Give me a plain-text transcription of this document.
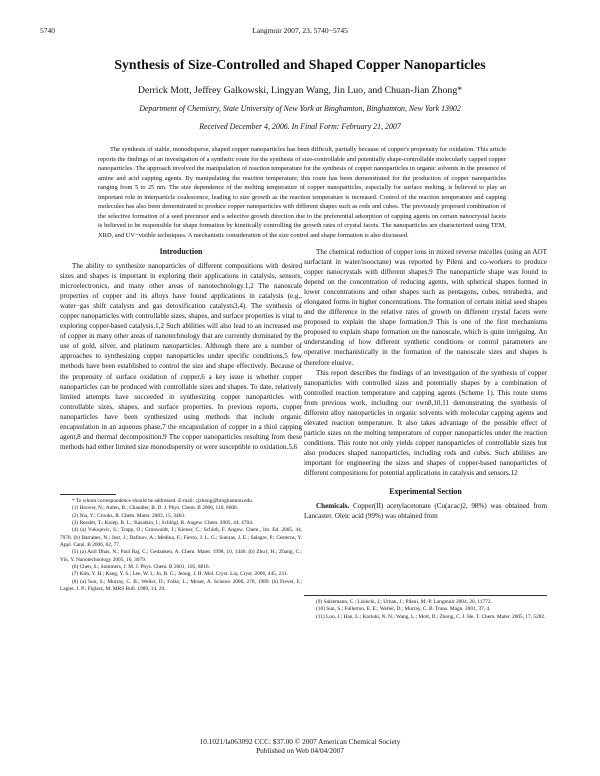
5740	Langmuir 2007, 23, 5740−5745
Synthesis of Size-Controlled and Shaped Copper Nanoparticles
Derrick Mott, Jeffrey Galkowski, Lingyan Wang, Jin Luo, and Chuan-Jian Zhong*
Department of Chemistry, State University of New York at Binghamton, Binghamton, New York 13902
Received December 4, 2006. In Final Form: February 21, 2007

The synthesis of stable, monodisperse, shaped copper nanoparticles has been difficult, partially because of copper's propensity for oxidation. This article reports the findings of an investigation of a synthetic route for the synthesis of size-controllable and potentially shape-controllable molecularly capped copper nanoparticles. The approach involved the manipulation of reaction temperature for the synthesis of copper nanoparticles in organic solvents in the presence of amine and acid capping agents. By manipulating the reaction temperature, this route has been demonstrated for the production of copper nanoparticles ranging from 5 to 25 nm. The size dependence of the melting temperature of copper nanoparticles, especially for surface melting, is believed to play an important role in interparticle coalescence, leading to size growth as the reaction temperature is increased. Control of the reaction temperature and capping molecules has also been demonstrated to produce copper nanoparticles with different shapes such as rods and cubes. The previously proposed combination of the selective formation of a seed precursor and a selective growth direction due to the preferential adsorption of capping agents on certain nanocrystal facets is believed to be responsible for shape formation by kinetically controlling the growth rates of crystal facets. The nanoparticles are characterized using TEM, XRD, and UV−visible techniques. A mechanistic consideration of the size control and shape formation is also discussed.

Introduction

The ability to synthesize nanoparticles of different compositions with desired sizes and shapes is important in exploring their applications in catalysis, sensors, microelectronics, and many other areas of nanotechnology.1,2 The nanoscale properties of copper and its alloys have found applications in catalysis (e.g., water−gas shift catalysts and gas detoxification catalysts3,4). The synthesis of copper nanoparticles with controllable sizes, shapes, and surface properties is vital to exploring copper-based catalysis.1,2 Such abilities will also lead to an increased use of copper in many other areas of nanotechnology that are currently dominated by the use of gold, silver, and platinum nanoparticles. Although there are a number of approaches to synthesizing copper nanoparticles under specific conditions,5 few methods have been established to control the size and shape effectively. Because of the propensity of surface oxidation of copper,6 a key issue is whether copper nanoparticles can be produced with controllable sizes and shapes. To date, relatively limited attempts have succeeded in synthesizing copper nanoparticles with controllable sizes, shapes, and surface properties. In previous reports, copper nanoparticles have been synthesized using methods that include organic encapsulation in an aqueous phase,7 the encapsulation of copper in a thiol capping agent,8 and thermal decomposition.9 The copper nanoparticles resulting from these methods had either limited size monodispersity or were susceptible to oxidation.5,6

The chemical reduction of copper ions in mixed reverse micelles (using an AOT surfactant in water/isooctane) was reported by Pileni and co-workers to produce copper nanocrystals with different shapes.9 The nanoparticle shape was found to depend on the concentration of reducing agents, with spherical shapes formed in lower concentrations and other shapes such as pentagons, cubes, tetrahedra, and elongated forms in higher concentrations. The formation of certain initial seed shapes and the difference in the relative rates of growth on different crystal facets were proposed to explain the shape formation.9 This is one of the first mechanisms proposed to explain shape formation on the nanoscale, which is quite intriguing. An understanding of how different synthetic conditions or control parameters are operative mechanistically in the formation of the nanoscale sizes and shapes is therefore elusive.

This report describes the findings of an investigation of the synthesis of copper nanoparticles with controlled sizes and potentially shapes by a combination of controlled reaction temperature and capping agents (Scheme 1). This route stems from previous work, including our own8,10,11 demonstrating the synthesis of different alloy nanoparticles in organic solvents with molecular capping agents and elevated reaction temperature. It also takes advantage of the possible effect of particle sizes on the melting temperature of copper nanoparticles under the reaction conditions. This route not only yields copper nanoparticles of controllable sizes but also produces shaped nanoparticles, including rods and cubes. Such abilities are important for engineering the sizes and shapes of copper-based nanoparticles of different compositions for potential applications in catalysis and sensors.12

Experimental Section

Chemicals. Copper(II) acetylacetonate (Cu(acac)2, 98%) was obtained from Lancaster. Oleic acid (99%) was obtained from

* To whom correspondence should be addressed. E-mail: cjzhong@binghamton.edu.

(1) Hoover, N.; Auten, B.; Chandler, B. D. J. Phys. Chem. B 2006, 110, 8606.

(2) Nia, Y.; Crooks, R. Chem. Mater. 2003, 15, 3463.

(3) Ressler, T.; Kniep, B. L.; Kasatkin, I.; Schlögl, R. Angew. Chem. 2005, 44, 4704.

(4) (a) Vukojevic, S.; Trapp, O.; Grunwaldt, J.; Kiener, C.; Schüth, F. Angew. Chem., Int. Ed. 2005, 44, 7978. (b) Barrabes, N.; Just, J.; Dafinov, A.; Medina, F.; Fierro, J. L. G.; Sueiras, J. E.; Salagre, P.; Cesteros, Y. Appl. Catal. B 2006, 62, 77.

(5) (a) Anil Dhas, N.; Paul Raj, C.; Gedanken, A. Chem. Mater. 1998, 10, 1446. (b) Zhu1, H.; Zhang, C.; Yin, Y. Nanotechnology 2005, 16, 3079.

(6) Chen, S.; Sommers, J. M. J. Phys. Chem. B 2001, 105, 8816.

(7) Kim, Y. H.; Kang, Y. S.; Lee, W. I.; Jo, B. G.; Jeong, J. H. Mol. Cryst. Liq. Cryst. 2006, 445, 231.

(8) (a) Sun, S.; Murray, C. B.; Weller, D.; Folks, L.; Moser, A. Science 2000, 278, 1989. (b) Fievet, F.; Lagier, J. P.; Figlarz, M. MRS Bull. 1989, 14, 29.

(9) Salzemann, C.; Lisiecki, I.; Urban, J.; Pileni, M.-P. Langmuir 2004, 20, 11772.

(10) Sun, S.; Fullerton, E. E.; Weller, D.; Murray, C. B. Trans. Magn. 2001, 37, 4.

(11) Luo, J.; Han, L.; Kariuki, N. N.; Wang, L.; Mott, D.; Zhong, C. J. He, T. Chem. Mater. 2005, 17, 5282.

10.1021/la063092 CCC: $37.00 © 2007 American Chemical Society
Published on Web 04/04/2007
